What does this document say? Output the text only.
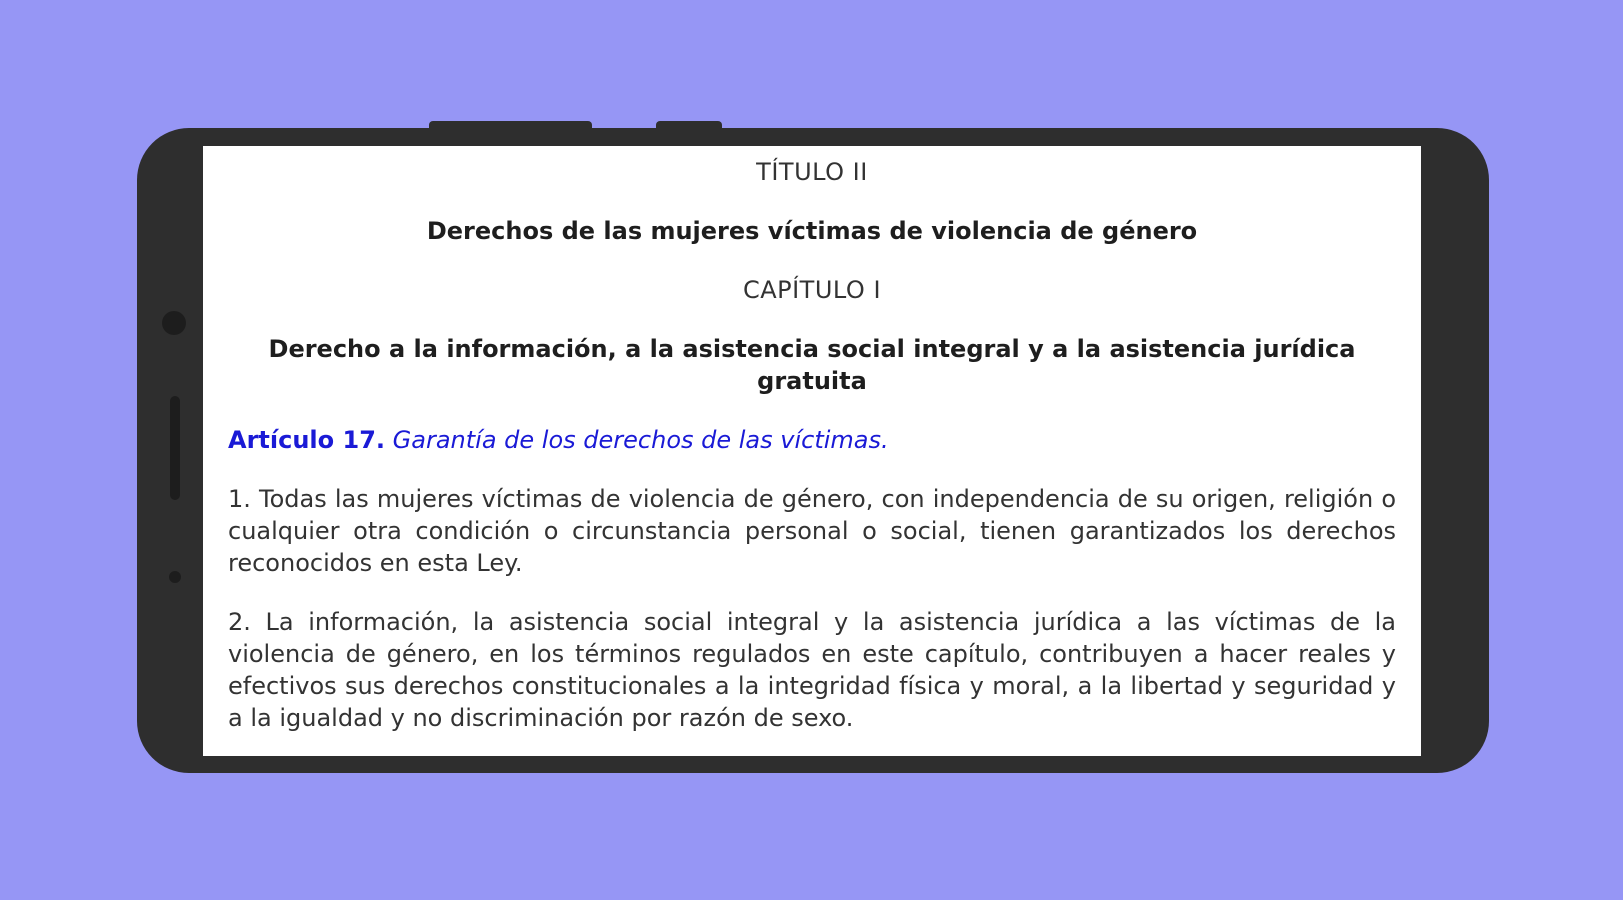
TÍTULO II

Derechos de las mujeres víctimas de violencia de género

CAPÍTULO I

Derecho a la información, a la asistencia social integral y a la asistencia jurídica gratuita

Artículo 17. Garantía de los derechos de las víctimas.

1. Todas las mujeres víctimas de violencia de género, con independencia de su origen, religión o cualquier otra condición o circunstancia personal o social, tienen garantizados los derechos reconocidos en esta Ley.

2. La información, la asistencia social integral y la asistencia jurídica a las víctimas de la violencia de género, en los términos regulados en este capítulo, contribuyen a hacer reales y efectivos sus derechos constitucionales a la integridad física y moral, a la libertad y seguridad y a la igualdad y no discriminación por razón de sexo.
